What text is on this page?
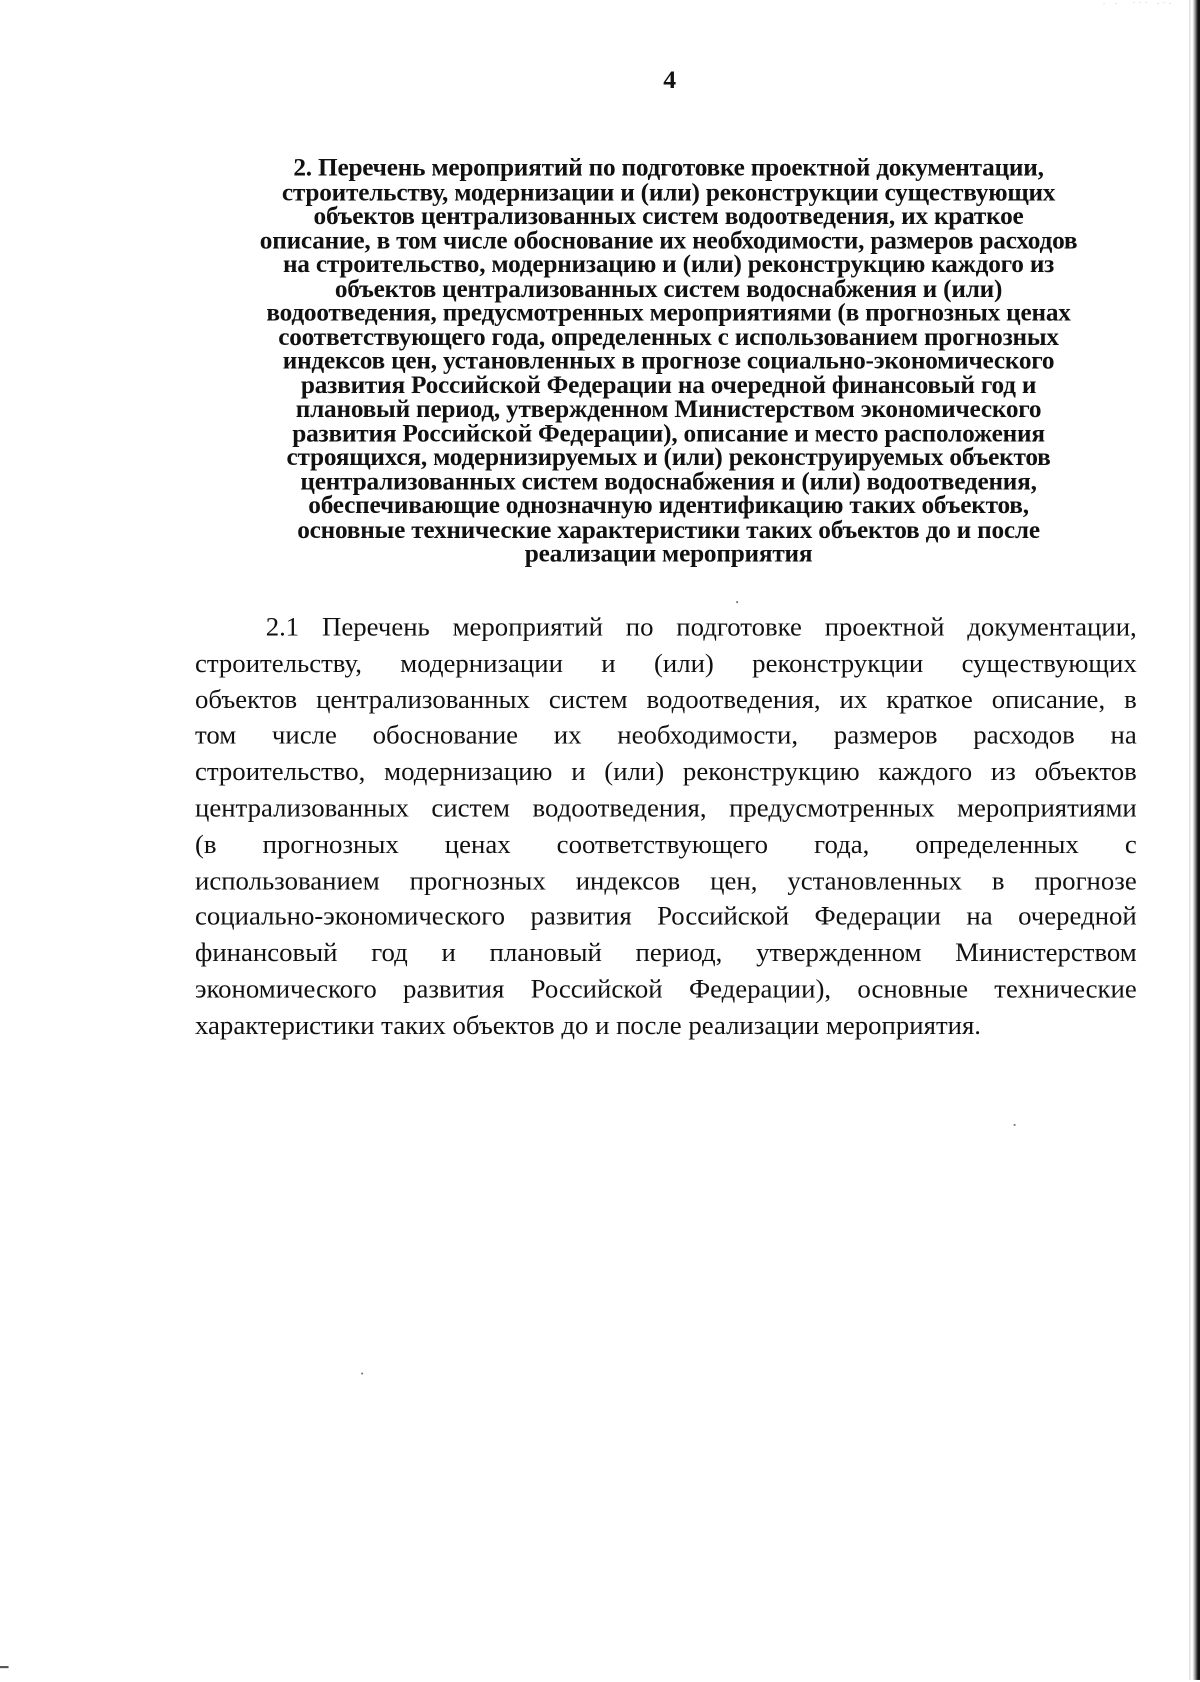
· ·  ⁻⁻⁻ ·⁻·
4
2. Перечень мероприятий по подготовке проектной документации,
строительству, модернизации и (или) реконструкции существующих
объектов централизованных систем водоотведения, их краткое
описание, в том числе обоснование их необходимости, размеров расходов
на строительство, модернизацию и (или) реконструкцию каждого из
объектов централизованных систем водоснабжения и (или)
водоотведения, предусмотренных мероприятиями (в прогнозных ценах
соответствующего года, определенных с использованием прогнозных
индексов цен, установленных в прогнозе социально-экономического
развития Российской Федерации на очередной финансовый год и
плановый период, утвержденном Министерством экономического
развития Российской Федерации), описание и место расположения
строящихся, модернизируемых и (или) реконструируемых объектов
централизованных систем водоснабжения и (или) водоотведения,
обеспечивающие однозначную идентификацию таких объектов,
основные технические характеристики таких объектов до и после
реализации мероприятия
2.1 Перечень мероприятий по подготовке проектной документации,
строительству, модернизации и (или) реконструкции существующих
объектов централизованных систем водоотведения, их краткое описание, в
том числе обоснование их необходимости, размеров расходов на
строительство, модернизацию и (или) реконструкцию каждого из объектов
централизованных систем водоотведения, предусмотренных мероприятиями
(в прогнозных ценах соответствующего года, определенных с
использованием прогнозных индексов цен, установленных в прогнозе
социально-экономического развития Российской Федерации на очередной
финансовый год и плановый период, утвержденном Министерством
экономического развития Российской Федерации), основные технические
характеристики таких объектов до и после реализации мероприятия.
